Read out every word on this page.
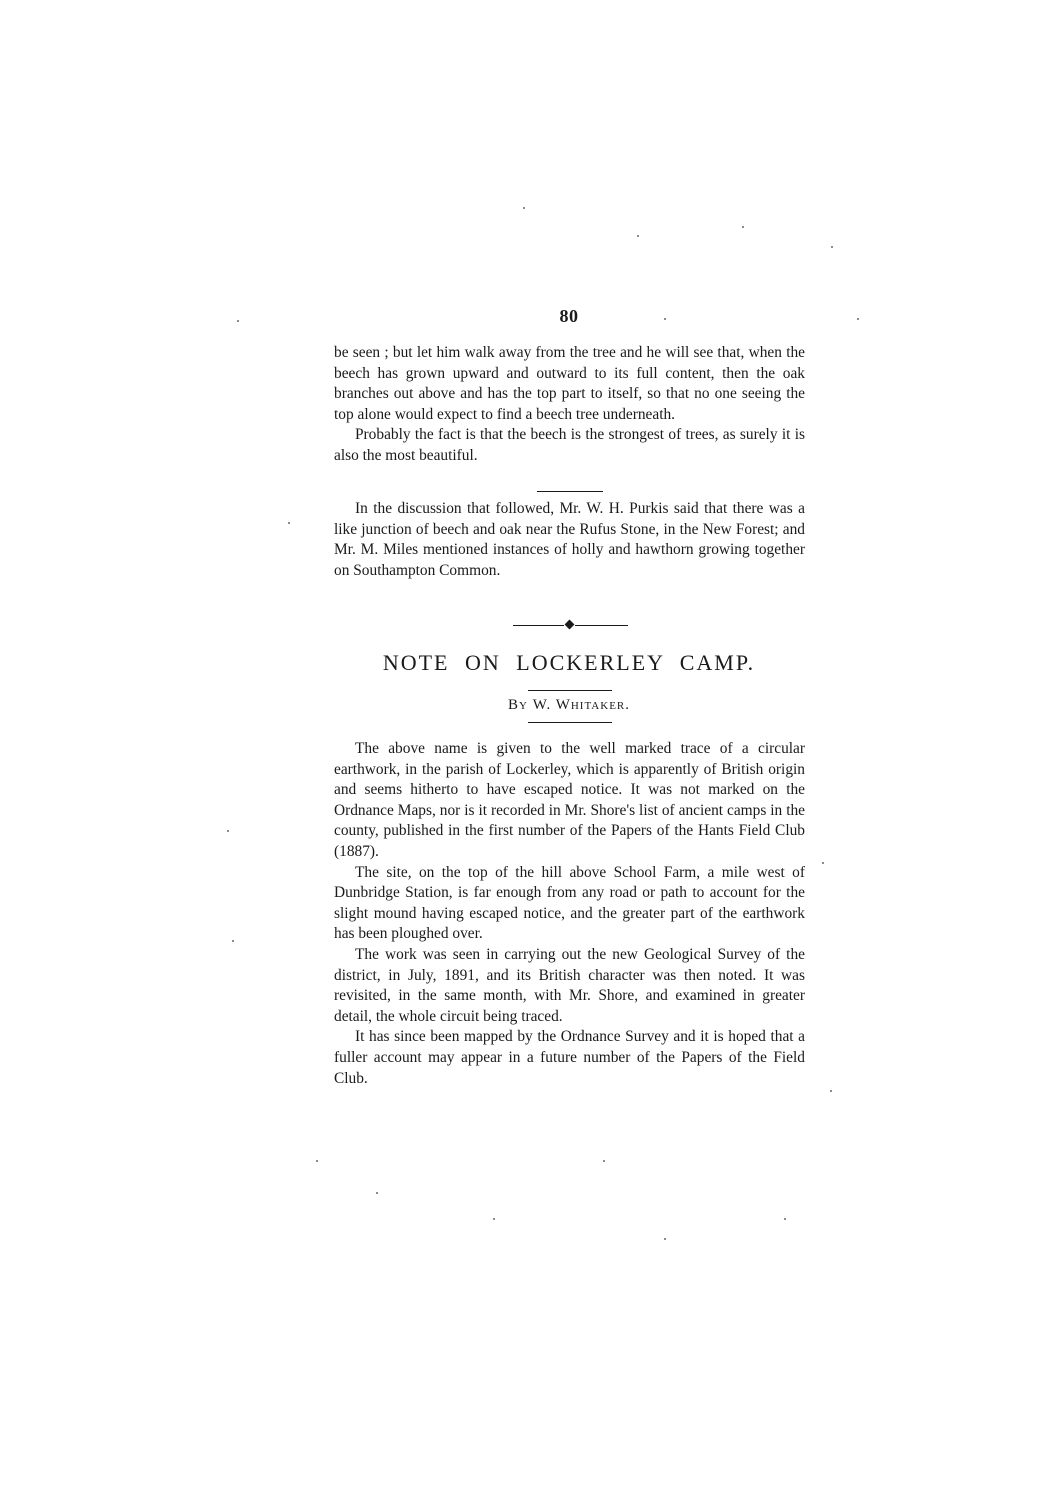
80

be seen ; but let him walk away from the tree and he will see that, when the beech has grown upward and outward to its full content, then the oak branches out above and has the top part to itself, so that no one seeing the top alone would expect to find a beech tree underneath.

Probably the fact is that the beech is the strongest of trees, as surely it is also the most beautiful.

In the discussion that followed, Mr. W. H. Purkis said that there was a like junction of beech and oak near the Rufus Stone, in the New Forest; and Mr. M. Miles mentioned instances of holly and hawthorn growing together on Southampton Common.

NOTE ON LOCKERLEY CAMP.
By W. Whitaker.

The above name is given to the well marked trace of a circular earthwork, in the parish of Lockerley, which is apparently of British origin and seems hitherto to have escaped notice. It was not marked on the Ordnance Maps, nor is it recorded in Mr. Shore's list of ancient camps in the county, published in the first number of the Papers of the Hants Field Club (1887).

The site, on the top of the hill above School Farm, a mile west of Dunbridge Station, is far enough from any road or path to account for the slight mound having escaped notice, and the greater part of the earthwork has been ploughed over.

The work was seen in carrying out the new Geological Survey of the district, in July, 1891, and its British character was then noted. It was revisited, in the same month, with Mr. Shore, and examined in greater detail, the whole circuit being traced.

It has since been mapped by the Ordnance Survey and it is hoped that a fuller account may appear in a future number of the Papers of the Field Club.
